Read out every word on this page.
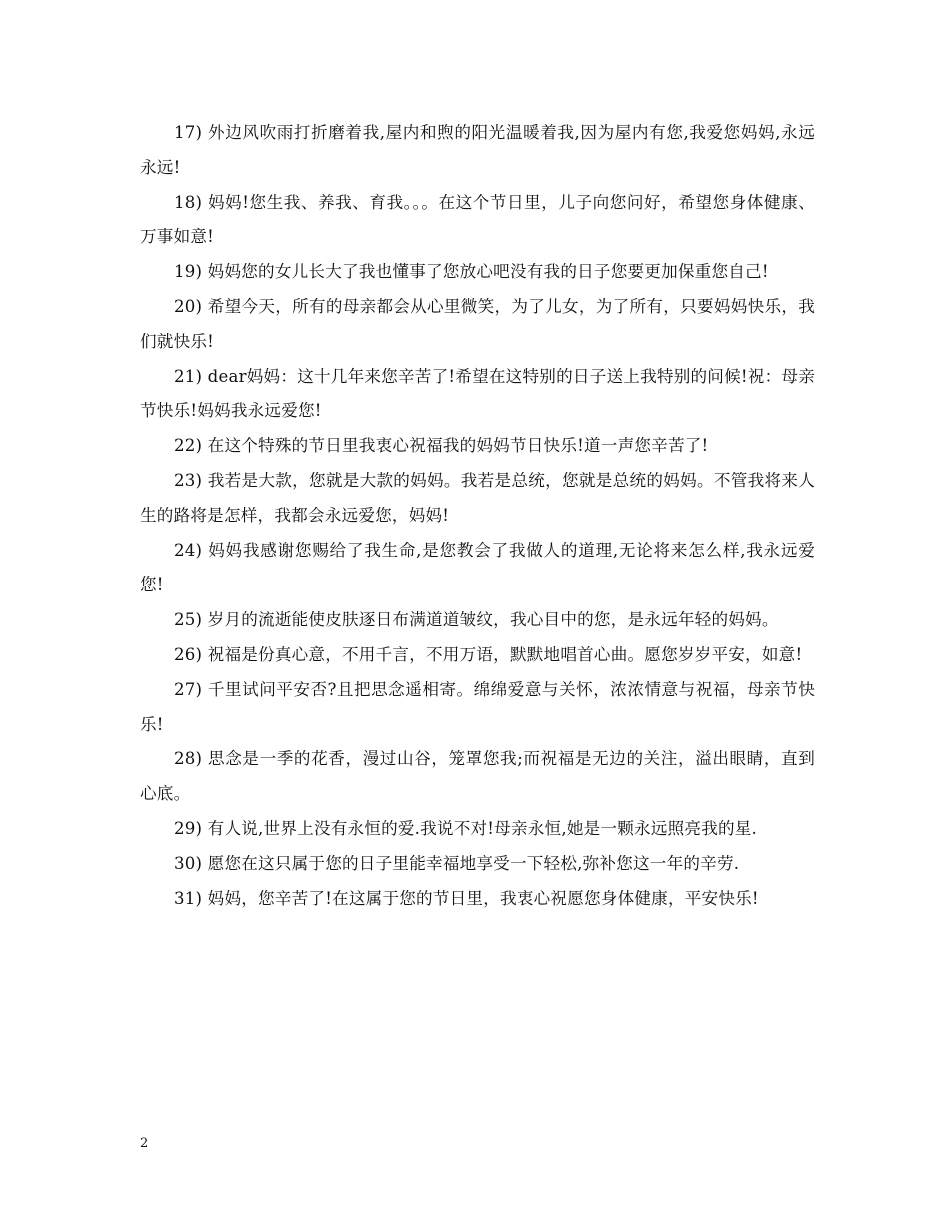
17) 外边风吹雨打折磨着我,屋内和煦的阳光温暖着我,因为屋内有您,我爱您妈妈,永远永远!

18) 妈妈!您生我、养我、育我。。。在这个节日里，儿子向您问好，希望您身体健康、万事如意!

19) 妈妈您的女儿长大了我也懂事了您放心吧没有我的日子您要更加保重您自己!

20) 希望今天，所有的母亲都会从心里微笑，为了儿女，为了所有，只要妈妈快乐，我们就快乐!

21) dear妈妈：这十几年来您辛苦了!希望在这特别的日子送上我特别的问候!祝：母亲节快乐!妈妈我永远爱您!

22) 在这个特殊的节日里我衷心祝福我的妈妈节日快乐!道一声您辛苦了!

23) 我若是大款，您就是大款的妈妈。我若是总统，您就是总统的妈妈。不管我将来人生的路将是怎样，我都会永远爱您，妈妈!

24) 妈妈我感谢您赐给了我生命,是您教会了我做人的道理,无论将来怎么样,我永远爱您!

25) 岁月的流逝能使皮肤逐日布满道道皱纹，我心目中的您，是永远年轻的妈妈。

26) 祝福是份真心意，不用千言，不用万语，默默地唱首心曲。愿您岁岁平安，如意!

27) 千里试问平安否?且把思念遥相寄。绵绵爱意与关怀，浓浓情意与祝福，母亲节快乐!

28) 思念是一季的花香，漫过山谷，笼罩您我;而祝福是无边的关注，溢出眼睛，直到心底。

29) 有人说,世界上没有永恒的爱.我说不对!母亲永恒,她是一颗永远照亮我的星.

30) 愿您在这只属于您的日子里能幸福地享受一下轻松,弥补您这一年的辛劳.

31) 妈妈，您辛苦了!在这属于您的节日里，我衷心祝愿您身体健康，平安快乐!

2
